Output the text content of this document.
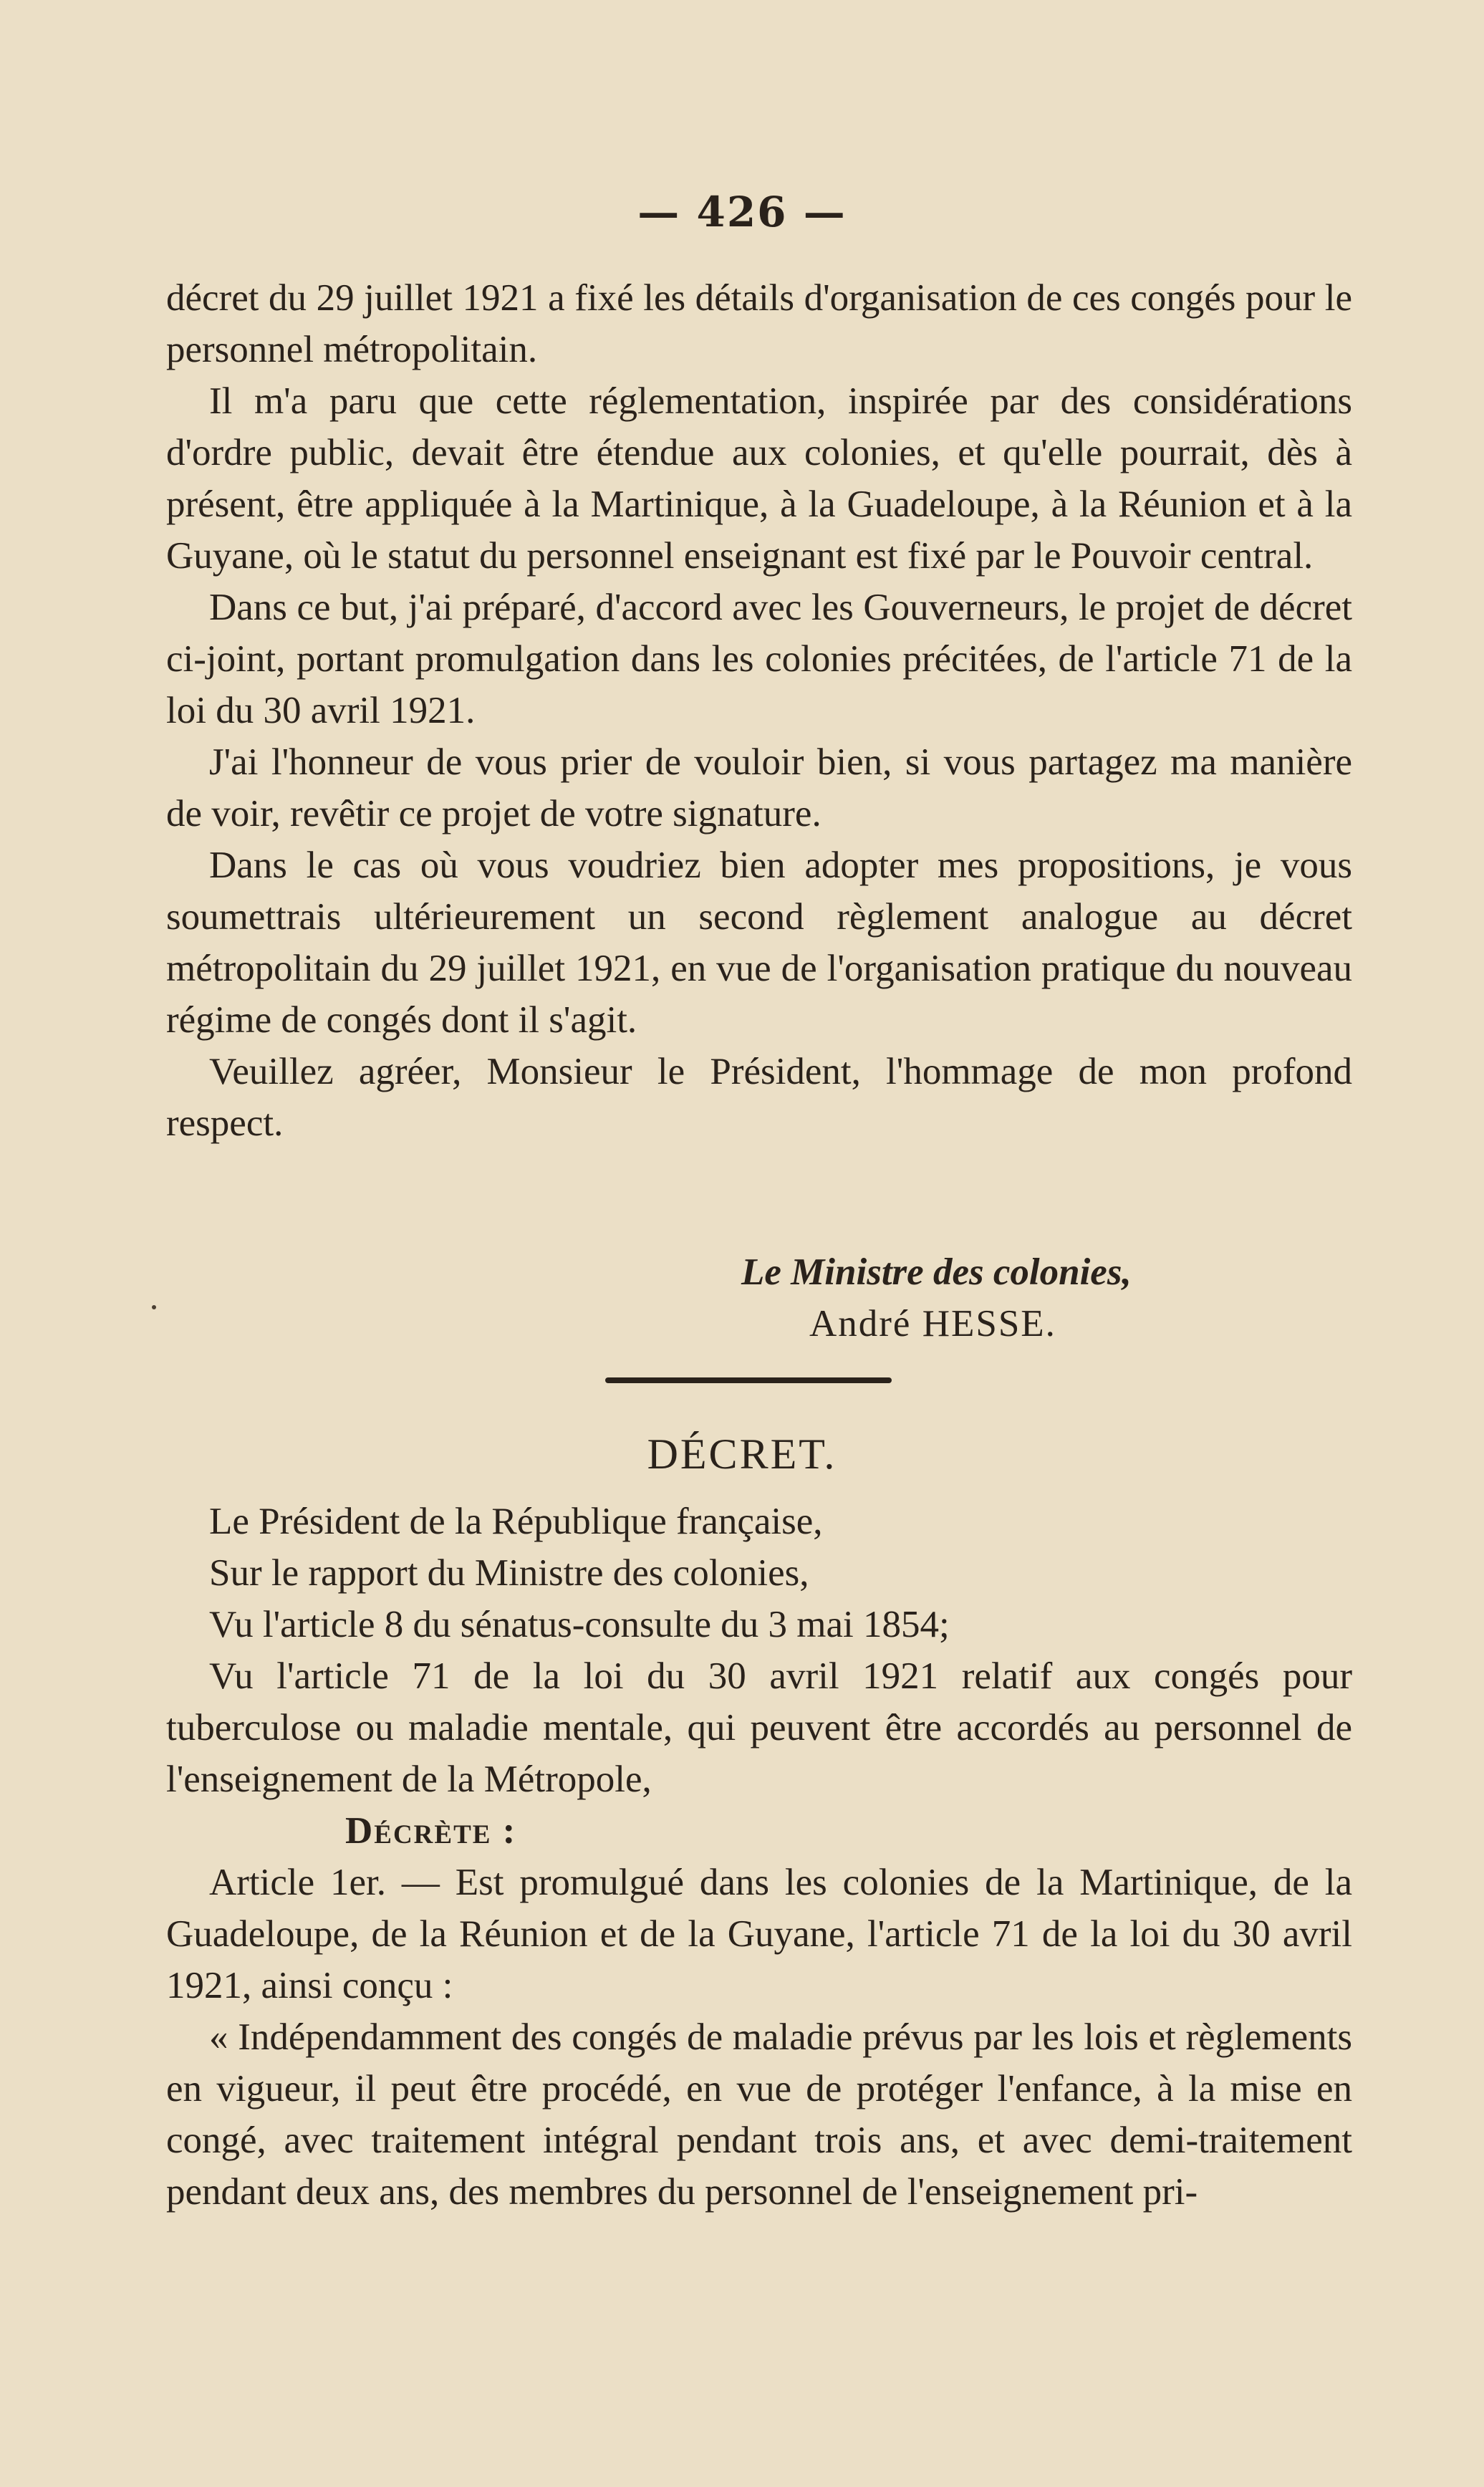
— 426 —

décret du 29 juillet 1921 a fixé les détails d'organisation de ces congés pour le personnel métropolitain.

Il m'a paru que cette réglementation, inspirée par des considérations d'ordre public, devait être étendue aux colonies, et qu'elle pourrait, dès à présent, être appliquée à la Martinique, à la Guadeloupe, à la Réunion et à la Guyane, où le statut du personnel enseignant est fixé par le Pouvoir central.

Dans ce but, j'ai préparé, d'accord avec les Gouverneurs, le projet de décret ci-joint, portant promulgation dans les colonies précitées, de l'article 71 de la loi du 30 avril 1921.

J'ai l'honneur de vous prier de vouloir bien, si vous partagez ma manière de voir, revêtir ce projet de votre signature.

Dans le cas où vous voudriez bien adopter mes propositions, je vous soumettrais ultérieurement un second règlement analogue au décret métropolitain du 29 juillet 1921, en vue de l'organisation pratique du nouveau régime de congés dont il s'agit.

Veuillez agréer, Monsieur le Président, l'hommage de mon profond respect.

Le Ministre des colonies,
André HESSE.
DÉCRET.

Le Président de la République française,

Sur le rapport du Ministre des colonies,

Vu l'article 8 du sénatus-consulte du 3 mai 1854;

Vu l'article 71 de la loi du 30 avril 1921 relatif aux congés pour tuberculose ou maladie mentale, qui peuvent être accordés au personnel de l'enseignement de la Métropole,

Décrète :

Article 1er. — Est promulgué dans les colonies de la Martinique, de la Guadeloupe, de la Réunion et de la Guyane, l'article 71 de la loi du 30 avril 1921, ainsi conçu :

« Indépendamment des congés de maladie prévus par les lois et règlements en vigueur, il peut être procédé, en vue de protéger l'enfance, à la mise en congé, avec traitement intégral pendant trois ans, et avec demi-traitement pendant deux ans, des membres du personnel de l'enseignement pri-
